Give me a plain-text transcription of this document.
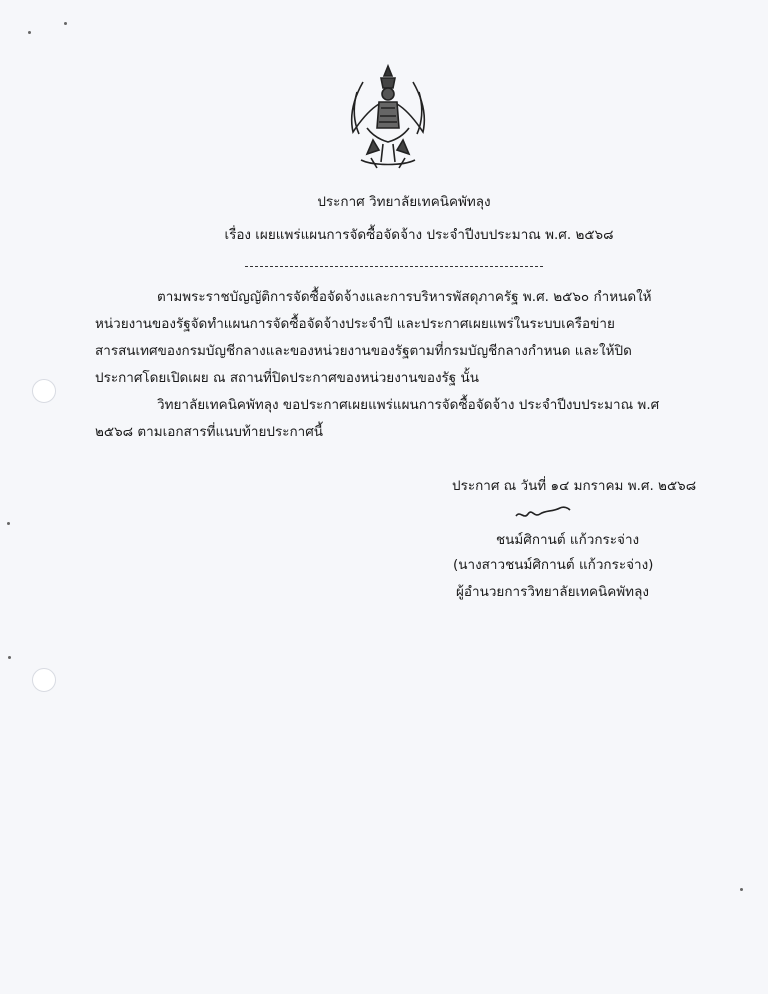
ประกาศ วิทยาลัยเทคนิคพัทลุง
เรื่อง เผยแพร่แผนการจัดซื้อจัดจ้าง ประจำปีงบประมาณ พ.ศ. ๒๕๖๘
ตามพระราชบัญญัติการจัดซื้อจัดจ้างและการบริหารพัสดุภาครัฐ พ.ศ. ๒๕๖๐ กำหนดให้หน่วยงานของรัฐจัดทำแผนการจัดซื้อจัดจ้างประจำปี และประกาศเผยแพร่ในระบบเครือข่ายสารสนเทศของกรมบัญชีกลางและของหน่วยงานของรัฐตามที่กรมบัญชีกลางกำหนด และให้ปิดประกาศโดยเปิดเผย ณ สถานที่ปิดประกาศของหน่วยงานของรัฐ นั้น
วิทยาลัยเทคนิคพัทลุง ขอประกาศเผยแพร่แผนการจัดซื้อจัดจ้าง ประจำปีงบประมาณ พ.ศ ๒๕๖๘ ตามเอกสารที่แนบท้ายประกาศนี้
ประกาศ ณ วันที่ ๑๔ มกราคม พ.ศ. ๒๕๖๘
ชนม์ศิกานต์ แก้วกระจ่าง
(นางสาวชนม์ศิกานต์ แก้วกระจ่าง)
ผู้อำนวยการวิทยาลัยเทคนิคพัทลุง
